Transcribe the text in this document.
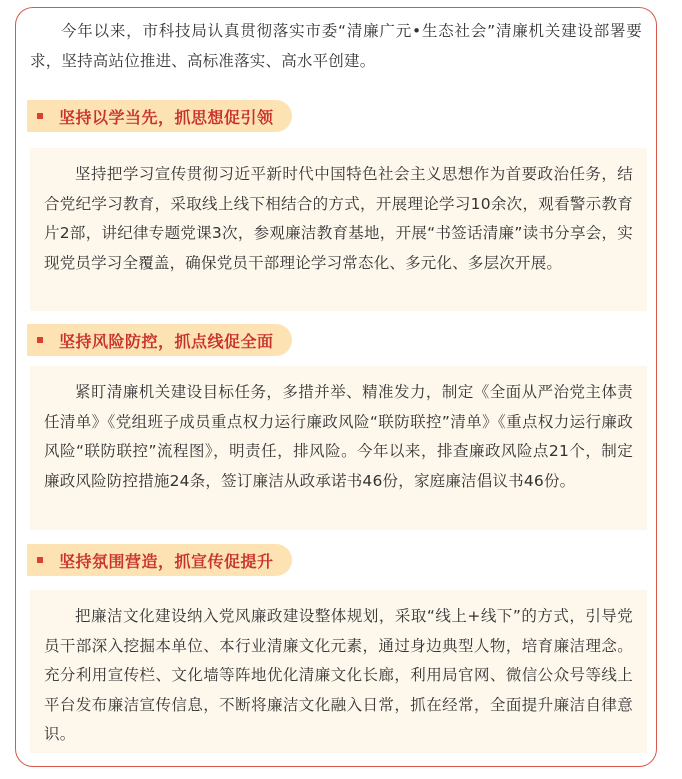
今年以来，市科技局认真贯彻落实市委“清廉广元•生态社会”清廉机关建设部署要求，坚持高站位推进、高标准落实、高水平创建。
坚持以学当先，抓思想促引领
坚持把学习宣传贯彻习近平新时代中国特色社会主义思想作为首要政治任务，结合党纪学习教育，采取线上线下相结合的方式，开展理论学习10余次，观看警示教育片2部，讲纪律专题党课3次，参观廉洁教育基地，开展“书签话清廉”读书分享会，实现党员学习全覆盖，确保党员干部理论学习常态化、多元化、多层次开展。
坚持风险防控，抓点线促全面
紧盯清廉机关建设目标任务，多措并举、精准发力，制定《全面从严治党主体责任清单》《党组班子成员重点权力运行廉政风险“联防联控”清单》《重点权力运行廉政风险“联防联控”流程图》，明责任，排风险。今年以来，排查廉政风险点21个，制定廉政风险防控措施24条，签订廉洁从政承诺书46份，家庭廉洁倡议书46份。
坚持氛围营造，抓宣传促提升
把廉洁文化建设纳入党风廉政建设整体规划，采取“线上+线下”的方式，引导党员干部深入挖掘本单位、本行业清廉文化元素，通过身边典型人物，培育廉洁理念。充分利用宣传栏、文化墙等阵地优化清廉文化长廊，利用局官网、微信公众号等线上平台发布廉洁宣传信息，不断将廉洁文化融入日常，抓在经常，全面提升廉洁自律意识。
